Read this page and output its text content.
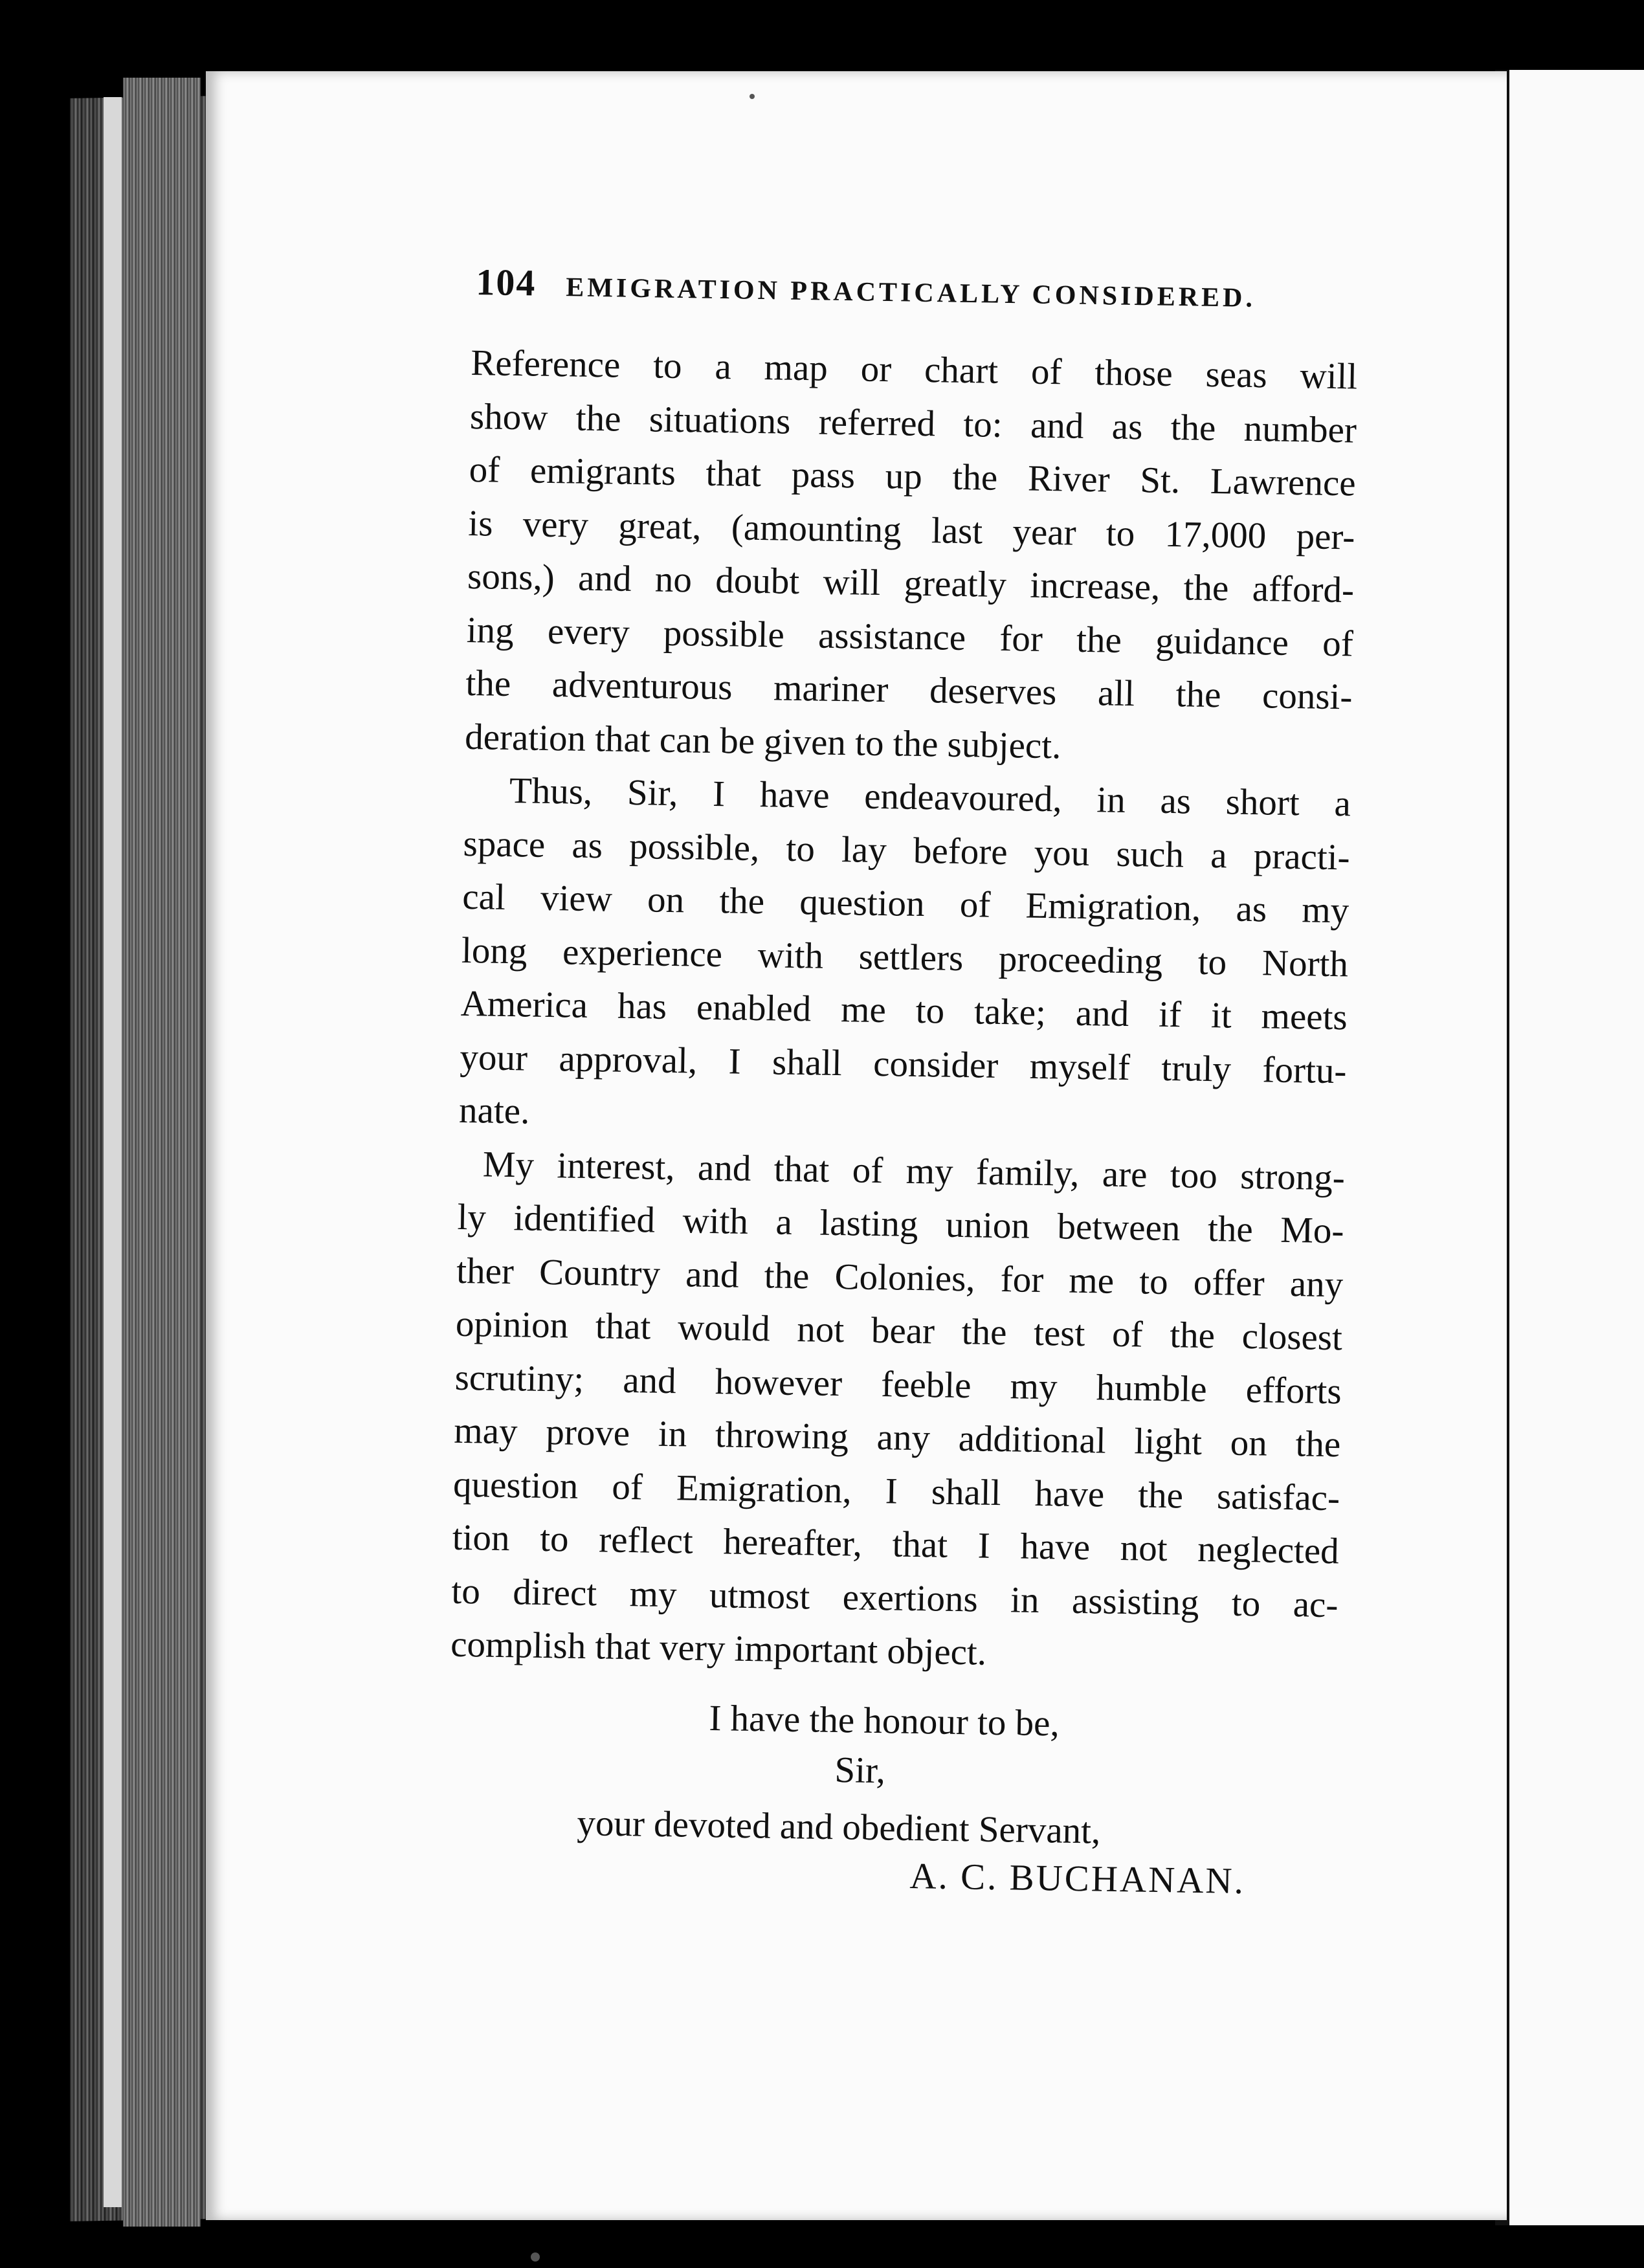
104 EMIGRATION PRACTICALLY CONSIDERED.
Reference to a map or chart of those seas will
show the situations referred to: and as the number
of emigrants that pass up the River St. Lawrence
is very great, (amounting last year to 17,000 per-
sons,) and no doubt will greatly increase, the afford-
ing every possible assistance for the guidance of
the adventurous mariner deserves all the consi-
deration that can be given to the subject.
Thus, Sir, I have endeavoured, in as short a
space as possible, to lay before you such a practi-
cal view on the question of Emigration, as my
long experience with settlers proceeding to North
America has enabled me to take; and if it meets
your approval, I shall consider myself truly fortu-
nate.
My interest, and that of my family, are too strong-
ly identified with a lasting union between the Mo-
ther Country and the Colonies, for me to offer any
opinion that would not bear the test of the closest
scrutiny; and however feeble my humble efforts
may prove in throwing any additional light on the
question of Emigration, I shall have the satisfac-
tion to reflect hereafter, that I have not neglected
to direct my utmost exertions in assisting to ac-
complish that very important object.
I have the honour to be,
Sir,
your devoted and obedient Servant,
A. C. BUCHANAN.
